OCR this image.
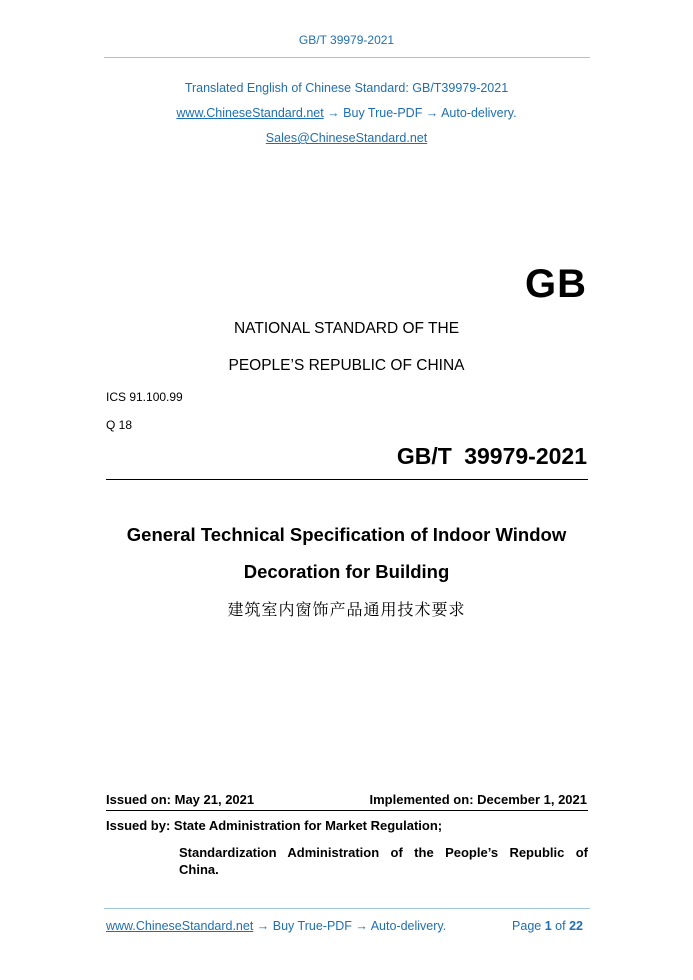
GB/T 39979-2021
Translated English of Chinese Standard: GB/T39979-2021
www.ChineseStandard.net → Buy True-PDF → Auto-delivery.
Sales@ChineseStandard.net
GB
NATIONAL STANDARD OF THE
PEOPLE’S REPUBLIC OF CHINA
ICS 91.100.99
Q 18
GB/T 39979-2021
General Technical Specification of Indoor Window
Decoration for Building
建筑室内窗饰产品通用技术要求
Issued on: May 21, 2021	Implemented on: December 1, 2021
Issued by: State Administration for Market Regulation;
Standardization Administration of the People’s Republic of
China.
www.ChineseStandard.net → Buy True-PDF → Auto-delivery.	Page 1 of 22
